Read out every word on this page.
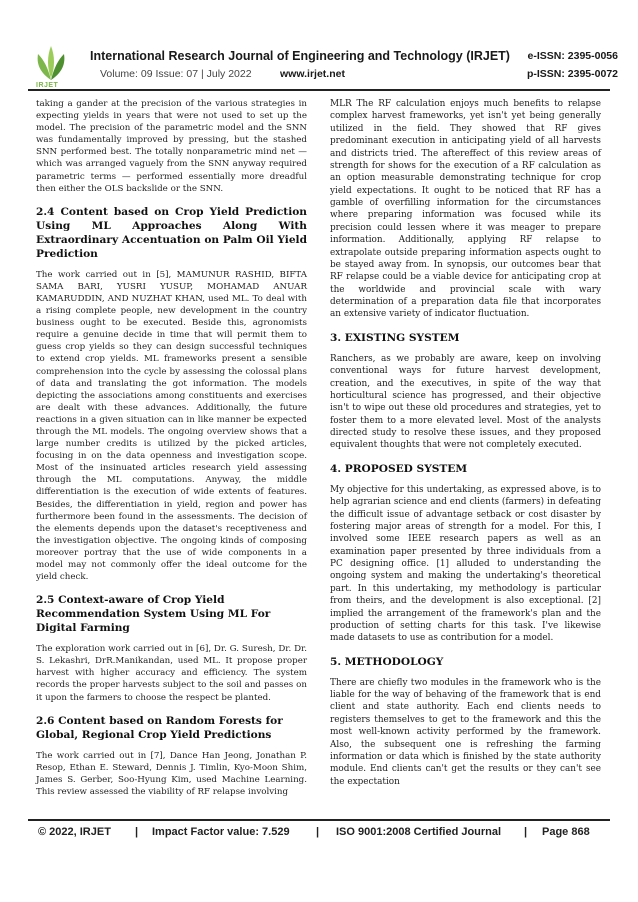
IRJET
International Research Journal of Engineering and Technology (IRJET) e-ISSN: 2395-0056
Volume: 09 Issue: 07 | July 2022	www.irjet.net	p-ISSN: 2395-0072

taking a gander at the precision of the various strategies in expecting yields in years that were not used to set up the model. The precision of the parametric model and the SNN was fundamentally improved by pressing, but the stashed SNN performed best. The totally nonparametric mind net — which was arranged vaguely from the SNN anyway required parametric terms — performed essentially more dreadful then either the OLS backslide or the SNN.

2.4 Content based on Crop Yield Prediction Using ML Approaches Along With Extraordinary Accentuation on Palm Oil Yield Prediction

The work carried out in [5], MAMUNUR RASHID, BIFTA SAMA BARI, YUSRI YUSUP, MOHAMAD ANUAR KAMARUDDIN, AND NUZHAT KHAN, used ML. To deal with a rising complete people, new development in the country business ought to be executed. Beside this, agronomists require a genuine decide in time that will permit them to guess crop yields so they can design successful techniques to extend crop yields. ML frameworks present a sensible comprehension into the cycle by assessing the colossal plans of data and translating the got information. The models depicting the associations among constituents and exercises are dealt with these advances. Additionally, the future reactions in a given situation can in like manner be expected through the ML models. The ongoing overview shows that a large number credits is utilized by the picked articles, focusing in on the data openness and investigation scope. Most of the insinuated articles research yield assessing through the ML computations. Anyway, the middle differentiation is the execution of wide extents of features. Besides, the differentiation in yield, region and power has furthermore been found in the assessments. The decision of the elements depends upon the dataset's receptiveness and the investigation objective. The ongoing kinds of composing moreover portray that the use of wide components in a model may not commonly offer the ideal outcome for the yield check.

2.5 Context-aware of Crop Yield Recommendation System Using ML For Digital Farming

The exploration work carried out in [6], Dr. G. Suresh, Dr. Dr. S. Lekashri, DrR.Manikandan, used ML. It propose proper harvest with higher accuracy and efficiency. The system records the proper harvests subject to the soil and passes on it upon the farmers to choose the respect be planted.

2.6 Content based on Random Forests for Global, Regional Crop Yield Predictions

The work carried out in [7], Dance Han Jeong, Jonathan P. Resop, Ethan E. Steward, Dennis J. Timlin, Kyo-Moon Shim, James S. Gerber, Soo-Hyung Kim, used Machine Learning. This review assessed the viability of RF relapse involving

MLR The RF calculation enjoys much benefits to relapse complex harvest frameworks, yet isn't yet being generally utilized in the field. They showed that RF gives predominant execution in anticipating yield of all harvests and districts tried. The aftereffect of this review areas of strength for shows for the execution of a RF calculation as an option measurable demonstrating technique for crop yield expectations. It ought to be noticed that RF has a gamble of overfilling information for the circumstances where preparing information was focused while its precision could lessen where it was meager to prepare information. Additionally, applying RF relapse to extrapolate outside preparing information aspects ought to be stayed away from. In synopsis, our outcomes bear that RF relapse could be a viable device for anticipating crop at the worldwide and provincial scale with wary determination of a preparation data file that incorporates an extensive variety of indicator fluctuation.

3. EXISTING SYSTEM

Ranchers, as we probably are aware, keep on involving conventional ways for future harvest development, creation, and the executives, in spite of the way that horticultural science has progressed, and their objective isn't to wipe out these old procedures and strategies, yet to foster them to a more elevated level. Most of the analysts directed study to resolve these issues, and they proposed equivalent thoughts that were not completely executed.

4. PROPOSED SYSTEM

My objective for this undertaking, as expressed above, is to help agrarian science and end clients (farmers) in defeating the difficult issue of advantage setback or cost disaster by fostering major areas of strength for a model. For this, I involved some IEEE research papers as well as an examination paper presented by three individuals from a PC designing office. [1] alluded to understanding the ongoing system and making the undertaking's theoretical part. In this undertaking, my methodology is particular from theirs, and the development is also exceptional. [2] implied the arrangement of the framework's plan and the production of setting charts for this task. I've likewise made datasets to use as contribution for a model.

5. METHODOLOGY

There are chiefly two modules in the framework who is the liable for the way of behaving of the framework that is end client and state authority. Each end clients needs to registers themselves to get to the framework and this the most well-known activity performed by the framework. Also, the subsequent one is refreshing the farming information or data which is finished by the state authority module. End clients can't get the results or they can't see the expectation

© 2022, IRJET | Impact Factor value: 7.529 | ISO 9001:2008 Certified Journal | Page 868
